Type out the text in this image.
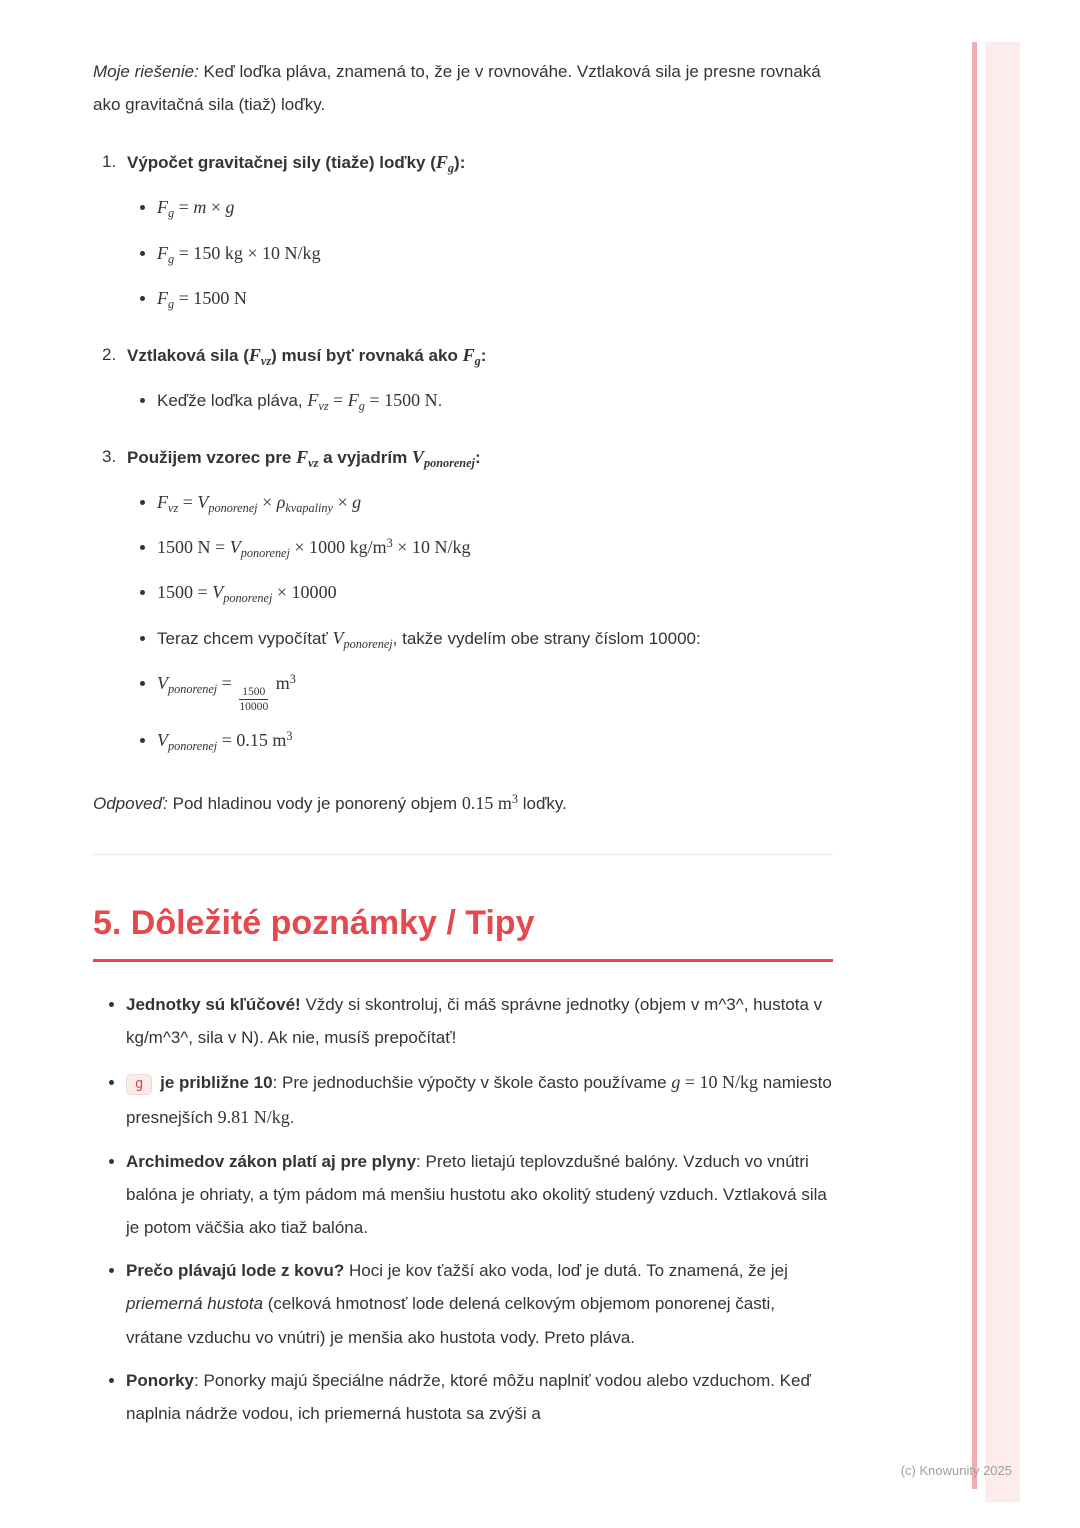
Moje riešenie: Keď loďka pláva, znamená to, že je v rovnováhe. Vztlaková sila je presne rovnaká ako gravitačná sila (tiaž) loďky.

1. Výpočet gravitačnej sily (tiaže) loďky $(F_g)$:

• $F_g = m \times g$
• $F_g = 150$ kg × 10 N/kg
• $F_g = 1500$ N
2. Vztlaková sila $(F_{vz})$ musí byť rovnaká ako $F_g$:

• Keďže loďka pláva, $F_{vz} = F_g = 1500$ N.
3. Použijem vzorec pre $F_{vz}$ a vyjadrím $V_{ponorenej}$:

• $F_{vz} = V_{ponorenej} \times \rho_{kvapaliny} \times g$
• 1500 $N = V_{ponorenej} \times 1000$ $kg/m^3 \times 10$ N/kg
• $1500 = V_{ponorenej} \times 10000$
• Teraz chcem vypočítať $V_{ponorenej}$, takže vydelím obe strany číslom 10000:
• $V_{ponorenej}$ =
$\frac{1500}{10000}$
$m^3$
• $V_{ponorenej} = 0.15$ $m^3$

Odpoveď: Pod hladinou vody je ponorený objem 0.15 $m^3$ loďky.

5. Dôležité poznámky / Tipy
• Jednotky sú kľúčové! Vždy si skontroluj, či máš správne jednotky (objem v m^3^, hustota v kg/m^3^, sila v N). Ak nie, musíš prepočítať!
• g je približne 10: Pre jednoduchšie výpočty v škole často používame g = 10 N/kg namiesto presnejších 9.81 N/kg.
• Archimedov zákon platí aj pre plyny: Preto lietajú teplovzdušné balóny. Vzduch vo vnútri balóna je ohriaty, a tým pádom má menšiu hustotu ako okolitý studený vzduch. Vztlaková sila je potom väčšia ako tiaž balóna.
• Prečo plávajú lode z kovu? Hoci je kov ťažší ako voda, loď je dutá. To znamená, že jej priemerná hustota (celková hmotnosť lode delená celkovým objemom ponorenej časti, vrátane vzduchu vo vnútri) je menšia ako hustota vody. Preto pláva.
• Ponorky: Ponorky majú špeciálne nádrže, ktoré môžu naplniť vodou alebo vzduchom. Keď naplnia nádrže vodou, ich priemerná hustota sa zvýši a
(c) Knowunity 2025
